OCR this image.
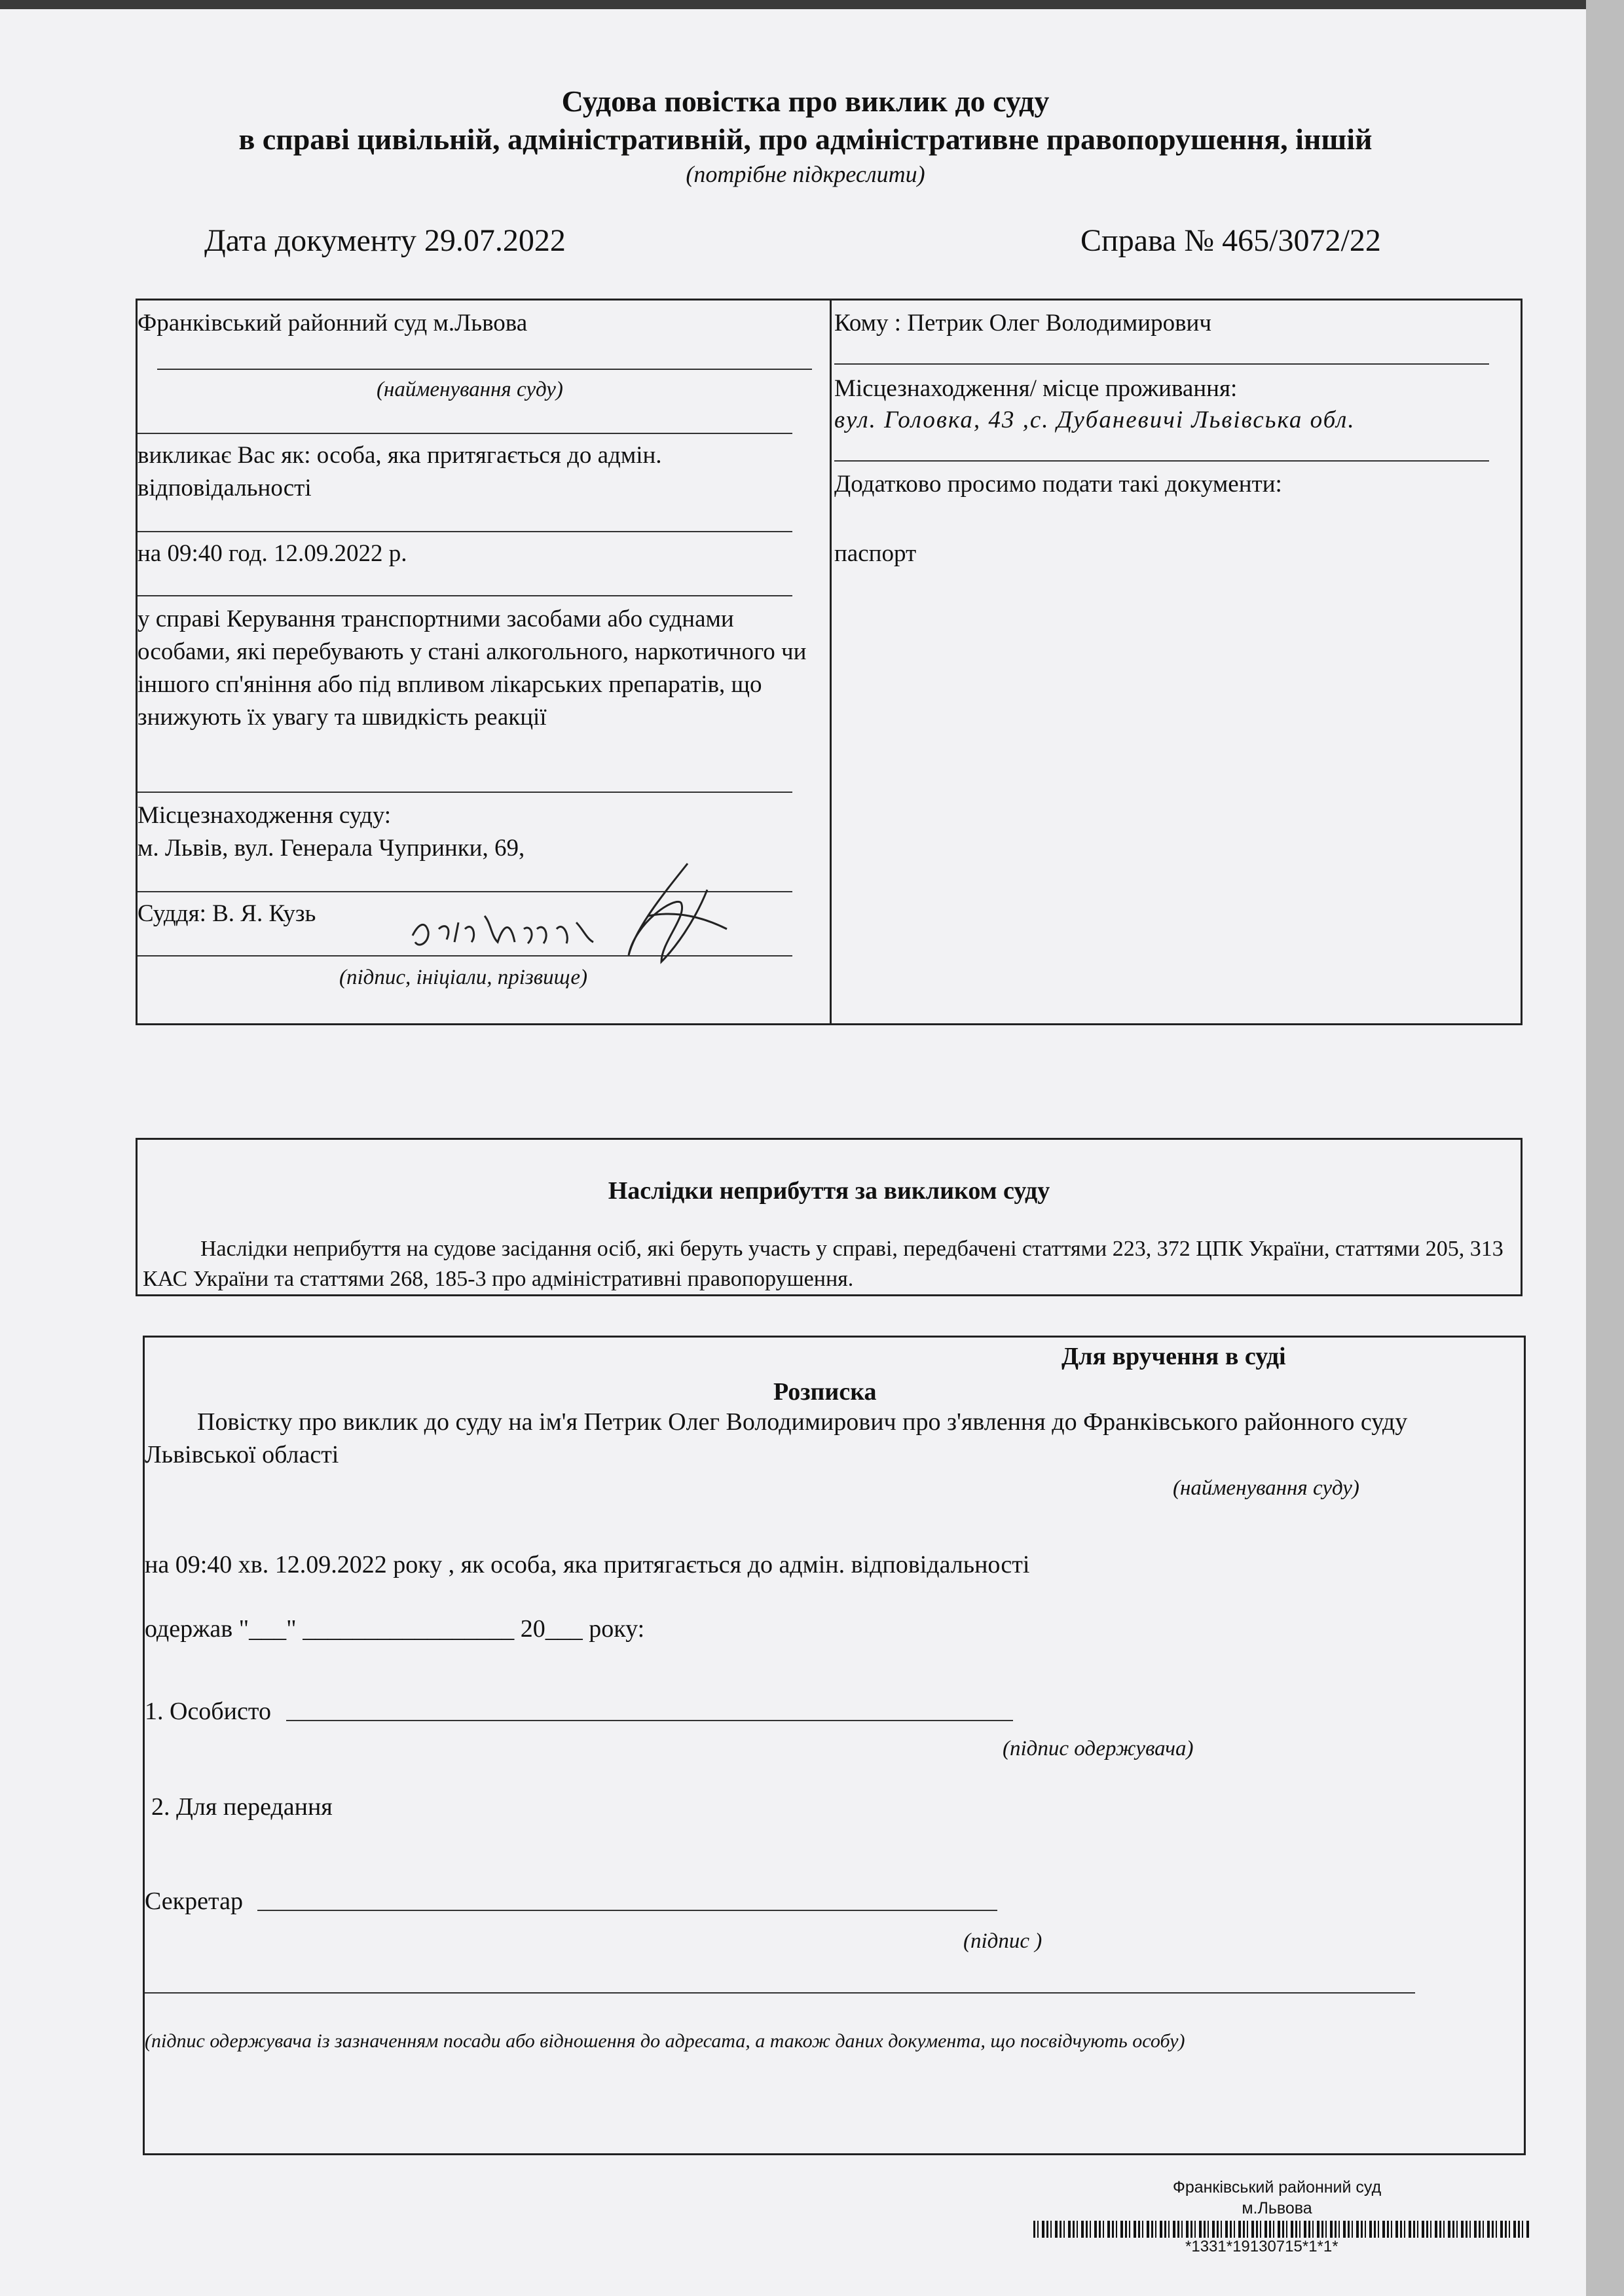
Судова повістка про виклик до суду
в справі цивільній, адміністративній, про адміністративне правопорушення, іншій
(потрібне підкреслити)
Дата документу 29.07.2022	Справа № 465/3072/22
Франківський районний суд м.Львова
(найменування суду)
викликає Вас як: особа, яка притягається до адмін. відповідальності
на 09:40 год. 12.09.2022 р.
у справі Керування транспортними засобами або суднами особами, які перебувають у стані алкогольного, наркотичного чи іншого сп'яніння або під впливом лікарських препаратів, що знижують їх увагу та швидкість реакції
Місцезнаходження суду:
м. Львів, вул. Генерала Чупринки, 69,
Суддя: В. Я. Кузь
(підпис, ініціали, прізвище)
Кому : Петрик Олег Володимирович
Місцезнаходження/ місце проживання:
вул. Головка, 43 ,с. Дубаневичі Львівська обл.
Додатково просимо подати такі документи:
паспорт
Наслідки неприбуття за викликом суду
Наслідки неприбуття на судове засідання осіб, які беруть участь у справі, передбачені статтями 223, 372 ЦПК України, статтями 205, 313 КАС України та статтями 268, 185-3 про адміністративні правопорушення.
Для вручення в суді
Розписка
Повістку про виклик до суду на ім'я Петрик Олег Володимирович про з'явлення до Франківського районного суду Львівської області
(найменування суду)
на 09:40 хв. 12.09.2022 року , як особа, яка притягається до адмін. відповідальності
одержав "___" _________________ 20___ року:
1. Особисто
(підпис одержувача)
2. Для передання
Секретар
(підпис )
(підпис одержувача із зазначенням посади або відношення до адресата, а також даних документа, що посвідчують особу)
Франківський районний суд
м.Львова
*1331*19130715*1*1*
